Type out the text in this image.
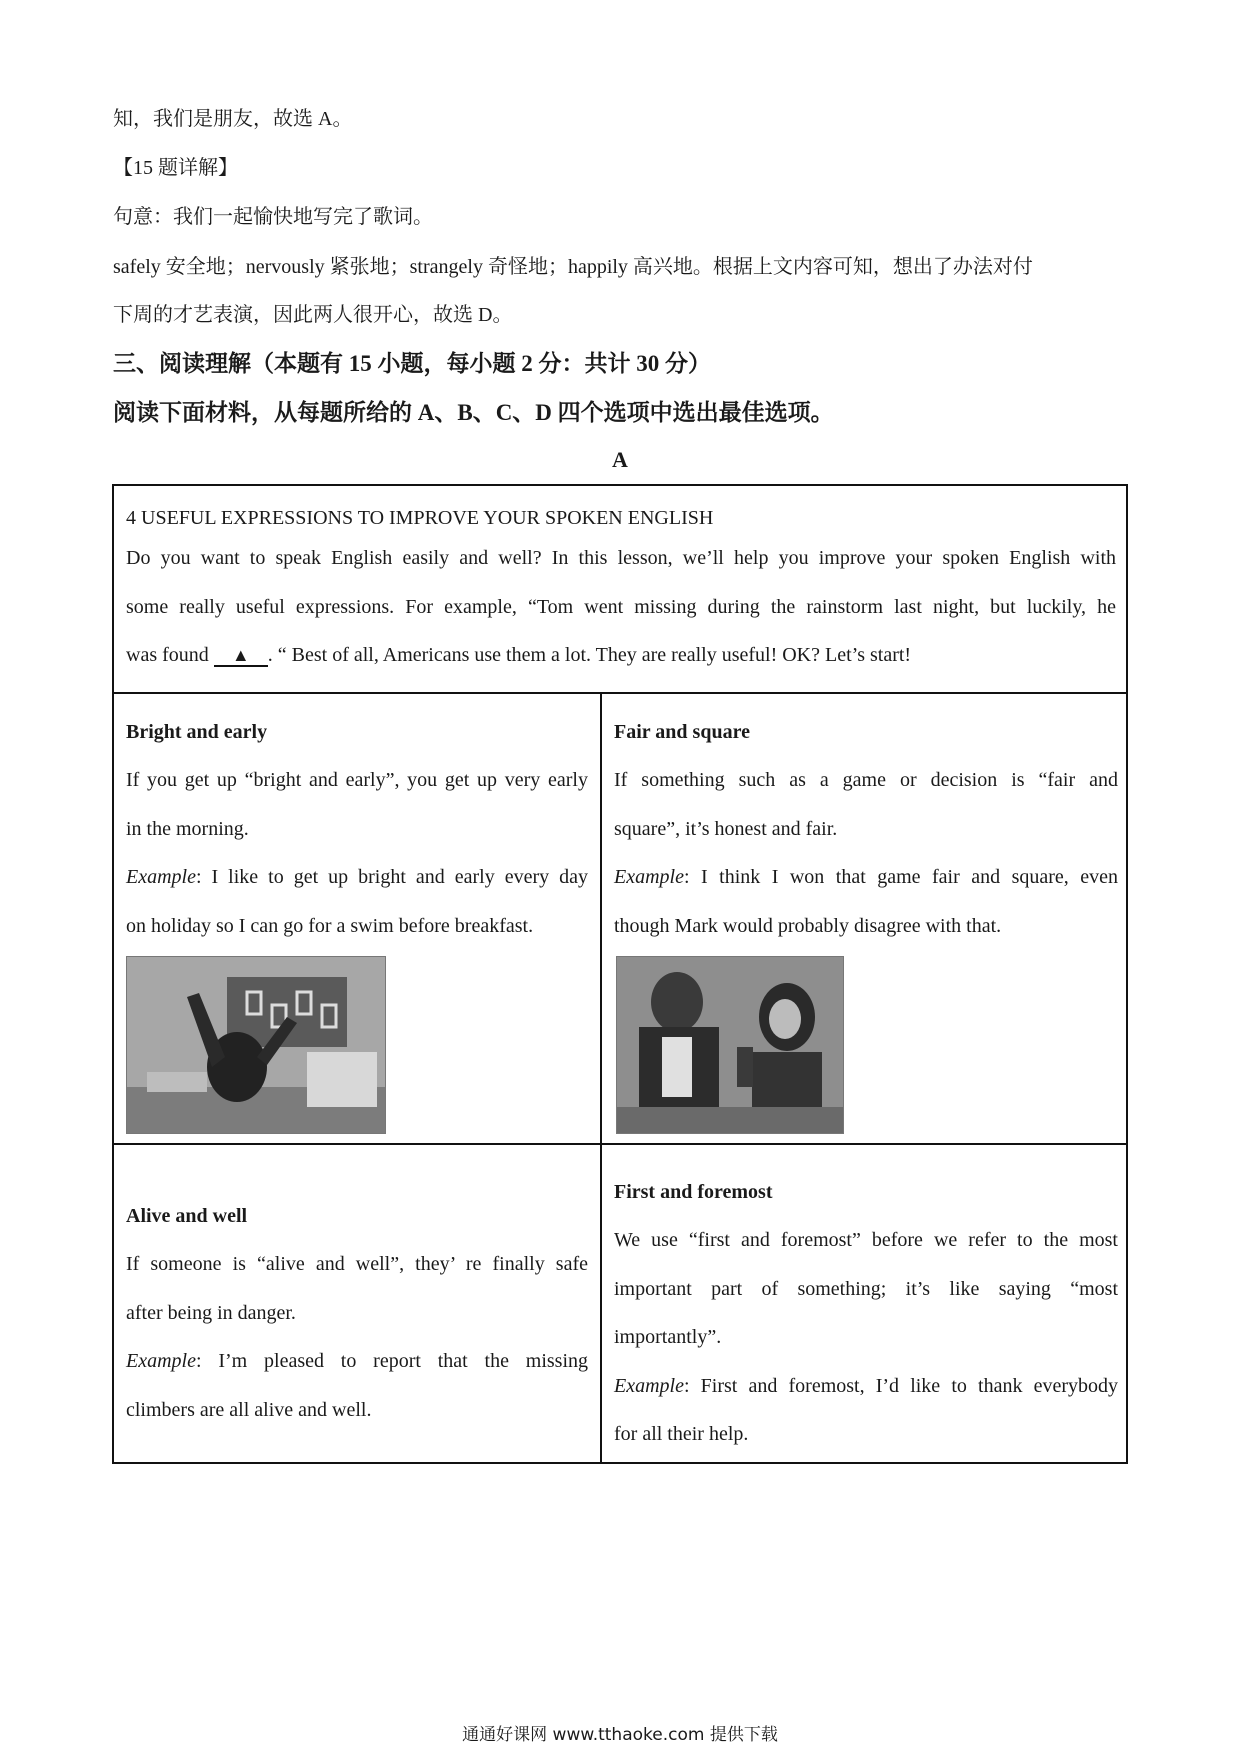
知，我们是朋友，故选 A。
【15 题详解】
句意：我们一起愉快地写完了歌词。
safely 安全地；nervously 紧张地；strangely 奇怪地；happily 高兴地。根据上文内容可知，想出了办法对付
下周的才艺表演，因此两人很开心，故选 D。
三、阅读理解（本题有 15 小题，每小题 2 分：共计 30 分）
阅读下面材料，从每题所给的 A、B、C、D 四个选项中选出最佳选项。
A

4 USEFUL EXPRESSIONS TO IMPROVE YOUR SPOKEN ENGLISH

Do you want to speak English easily and well? In this lesson, we’ll help you improve your spoken English with

some really useful expressions. For example, “Tom went missing during the rainstorm last night, but luckily, he

was found ▲ . “ Best of all, Americans use them a lot. They are really useful! OK? Let’s start!

Bright and early

If you get up “bright and early”, you get up very early

in the morning.

Example: I like to get up bright and early every day

on holiday so I can go for a swim before breakfast.

Fair and square

If something such as a game or decision is “fair and

square”, it’s honest and fair.

Example: I think I won that game fair and square, even

though Mark would probably disagree with that.

Alive and well

If someone is “alive and well”, they’ re finally safe

after being in danger.

Example: I’m pleased to report that the missing

climbers are all alive and well.

First and foremost

We use “first and foremost” before we refer to the most

important part of something; it’s like saying “most

importantly”.

Example: First and foremost, I’d like to thank everybody

for all their help.

通通好课网 www.tthaoke.com 提供下载
